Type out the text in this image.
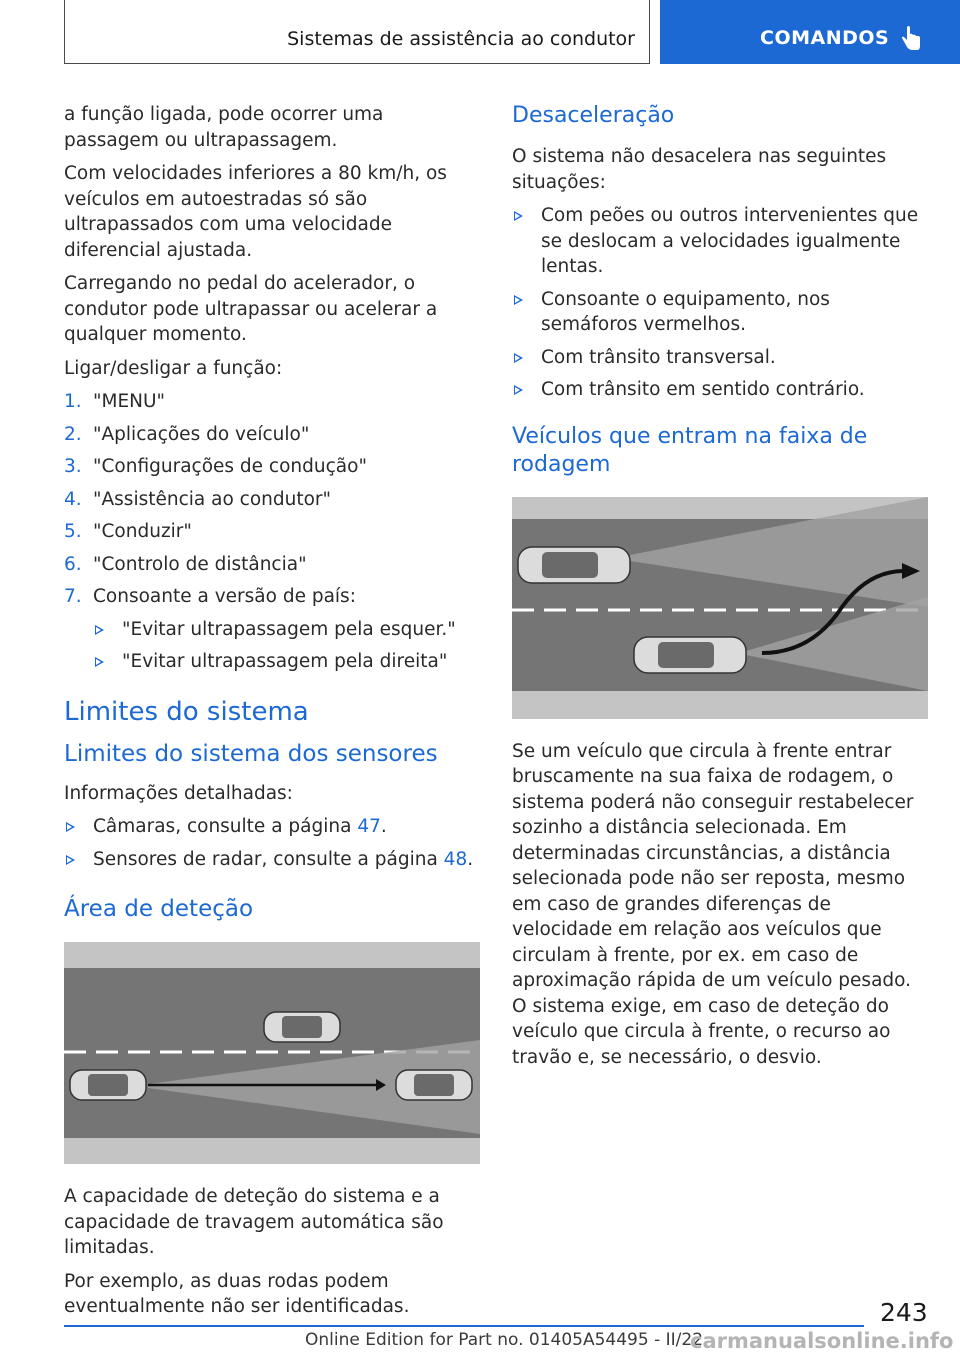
Sistemas de assistência ao condutor	COMANDOS

a função ligada, pode ocorrer uma passagem ou ultrapassagem.

Com velocidades inferiores a 80 km/h, os veículos em autoestradas só são ultrapassados com uma velocidade diferencial ajustada.

Carregando no pedal do acelerador, o condutor pode ultrapassar ou acelerar a qualquer momento.

Ligar/desligar a função:

1. "MENU"
2. "Aplicações do veículo"
3. "Configurações de condução"
4. "Assistência ao condutor"
5. "Conduzir"
6. "Controlo de distância"
7. Consoante a versão de país:
"Evitar ultrapassagem pela esquer."
"Evitar ultrapassagem pela direita"
Limites do sistema
Limites do sistema dos sensores

Informações detalhadas:

Câmaras, consulte a página 47.
Sensores de radar, consulte a página 48.
Área de deteção

A capacidade de deteção do sistema e a capacidade de travagem automática são limitadas.

Por exemplo, as duas rodas podem eventualmente não ser identificadas.

Desaceleração

O sistema não desacelera nas seguintes situações:

Com peões ou outros intervenientes que se deslocam a velocidades igualmente lentas.
Consoante o equipamento, nos semáforos vermelhos.
Com trânsito transversal.
Com trânsito em sentido contrário.
Veículos que entram na faixa de rodagem

Se um veículo que circula à frente entrar bruscamente na sua faixa de rodagem, o sistema poderá não conseguir restabelecer sozinho a distância selecionada. Em determinadas circunstâncias, a distância selecionada pode não ser reposta, mesmo em caso de grandes diferenças de velocidade em relação aos veículos que circulam à frente, por ex. em caso de aproximação rápida de um veículo pesado. O sistema exige, em caso de deteção do veículo que circula à frente, o recurso ao travão e, se necessário, o desvio.

243
Online Edition for Part no. 01405A54495 - II/22
carmanualsonline.info
